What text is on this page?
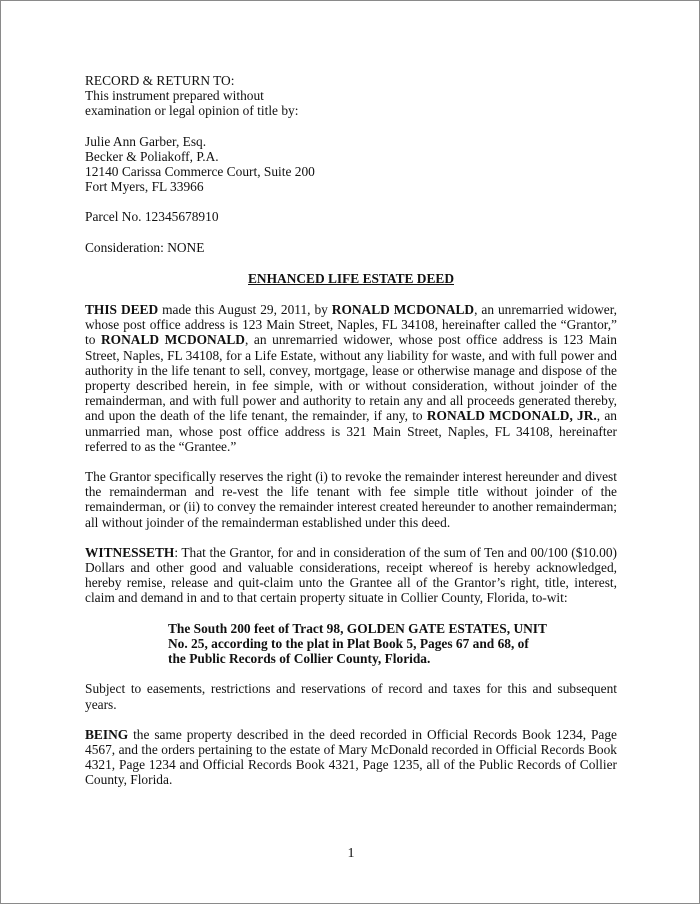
RECORD & RETURN TO:
This instrument prepared without
examination or legal opinion of title by:
Julie Ann Garber, Esq.
Becker & Poliakoff, P.A.
12140 Carissa Commerce Court, Suite 200
Fort Myers, FL 33966
Parcel No. 12345678910
Consideration: NONE

ENHANCED LIFE ESTATE DEED

THIS DEED made this August 29, 2011, by RONALD MCDONALD, an unremarried widower, whose post office address is 123 Main Street, Naples, FL 34108, hereinafter called the “Grantor,” to RONALD MCDONALD, an unremarried widower, whose post office address is 123 Main Street, Naples, FL 34108, for a Life Estate, without any liability for waste, and with full power and authority in the life tenant to sell, convey, mortgage, lease or otherwise manage and dispose of the property described herein, in fee simple, with or without consideration, without joinder of the remainderman, and with full power and authority to retain any and all proceeds generated thereby, and upon the death of the life tenant, the remainder, if any, to RONALD MCDONALD, JR., an unmarried man, whose post office address is 321 Main Street, Naples, FL 34108, hereinafter referred to as the “Grantee.”

The Grantor specifically reserves the right (i) to revoke the remainder interest hereunder and divest the remainderman and re-vest the life tenant with fee simple title without joinder of the remainderman, or (ii) to convey the remainder interest created hereunder to another remainderman; all without joinder of the remainderman established under this deed.

WITNESSETH: That the Grantor, for and in consideration of the sum of Ten and 00/100 ($10.00) Dollars and other good and valuable considerations, receipt whereof is hereby acknowledged, hereby remise, release and quit-claim unto the Grantee all of the Grantor’s right, title, interest, claim and demand in and to that certain property situate in Collier County, Florida, to-wit:

The South 200 feet of Tract 98, GOLDEN GATE ESTATES, UNIT No. 25, according to the plat in Plat Book 5, Pages 67 and 68, of the Public Records of Collier County, Florida.

Subject to easements, restrictions and reservations of record and taxes for this and subsequent years.

BEING the same property described in the deed recorded in Official Records Book 1234, Page 4567, and the orders pertaining to the estate of Mary McDonald recorded in Official Records Book 4321, Page 1234 and Official Records Book 4321, Page 1235, all of the Public Records of Collier County, Florida.

1
